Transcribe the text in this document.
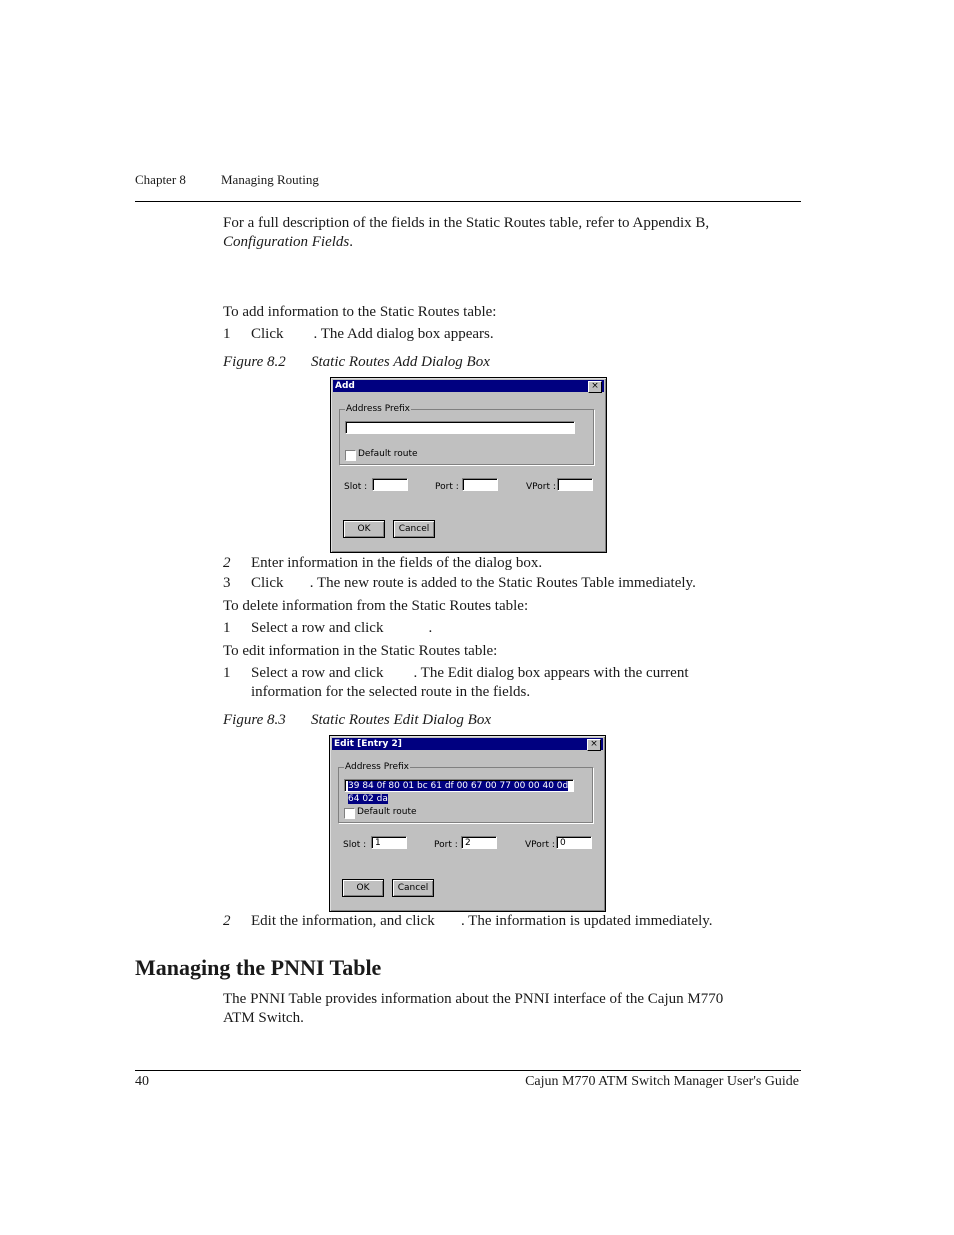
Chapter 8	Managing Routing
For a full description of the fields in the Static Routes table, refer to Appendix B,
Configuration Fields.
To add information to the Static Routes table:
1 Click        . The Add dialog box appears.
Figure 8.2 Static Routes Add Dialog Box
Add	×
Address Prefix
Default route
Slot :	Port :	VPort :
OK	Cancel
2 Enter information in the fields of the dialog box.
3 Click       . The new route is added to the Static Routes Table immediately.
To delete information from the Static Routes table:
1 Select a row and click            .
To edit information in the Static Routes table:
1 Select a row and click        . The Edit dialog box appears with the current
information for the selected route in the fields.
Figure 8.3 Static Routes Edit Dialog Box
Edit [Entry 2]	×
Address Prefix
39 84 0f 80 01 bc 61 df 00 67 00 77 00 00 40 0d 64 02 da
Default route
Slot : 1	Port : 2	VPort : 0
OK	Cancel
2 Edit the information, and click       . The information is updated immediately.
Managing the PNNI Table
The PNNI Table provides information about the PNNI interface of the Cajun M770
ATM Switch.
40	Cajun M770 ATM Switch Manager User's Guide
